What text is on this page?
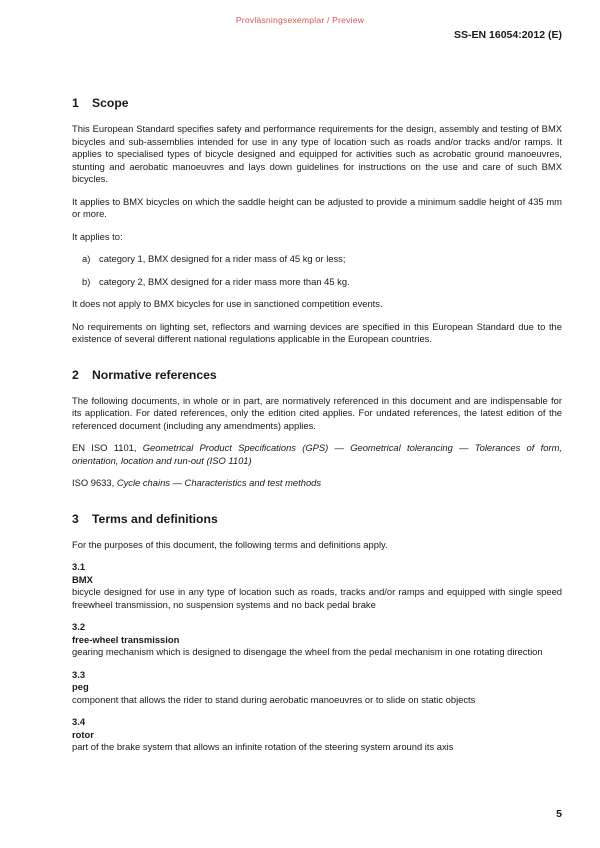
Provläsningsexemplar / Preview
SS-EN 16054:2012 (E)
1 Scope

This European Standard specifies safety and performance requirements for the design, assembly and testing of BMX bicycles and sub-assemblies intended for use in any type of location such as roads and/or tracks and/or ramps. It applies to specialised types of bicycle designed and equipped for activities such as acrobatic ground manoeuvres, stunting and aerobatic manoeuvres and lays down guidelines for instructions on the use and care of such BMX bicycles.

It applies to BMX bicycles on which the saddle height can be adjusted to provide a minimum saddle height of 435 mm or more.

It applies to:

a) category 1, BMX designed for a rider mass of 45 kg or less;
b) category 2, BMX designed for a rider mass more than 45 kg.

It does not apply to BMX bicycles for use in sanctioned competition events.

No requirements on lighting set, reflectors and warning devices are specified in this European Standard due to the existence of several different national regulations applicable in the European countries.

2 Normative references

The following documents, in whole or in part, are normatively referenced in this document and are indispensable for its application. For dated references, only the edition cited applies. For undated references, the latest edition of the referenced document (including any amendments) applies.

EN ISO 1101, Geometrical Product Specifications (GPS) — Geometrical tolerancing — Tolerances of form, orientation, location and run-out (ISO 1101)

ISO 9633, Cycle chains — Characteristics and test methods

3 Terms and definitions

For the purposes of this document, the following terms and definitions apply.

3.1
BMX

bicycle designed for use in any type of location such as roads, tracks and/or ramps and equipped with single speed freewheel transmission, no suspension systems and no back pedal brake

3.2
free-wheel transmission

gearing mechanism which is designed to disengage the wheel from the pedal mechanism in one rotating direction

3.3
peg

component that allows the rider to stand during aerobatic manoeuvres or to slide on static objects

3.4
rotor

part of the brake system that allows an infinite rotation of the steering system around its axis

5
